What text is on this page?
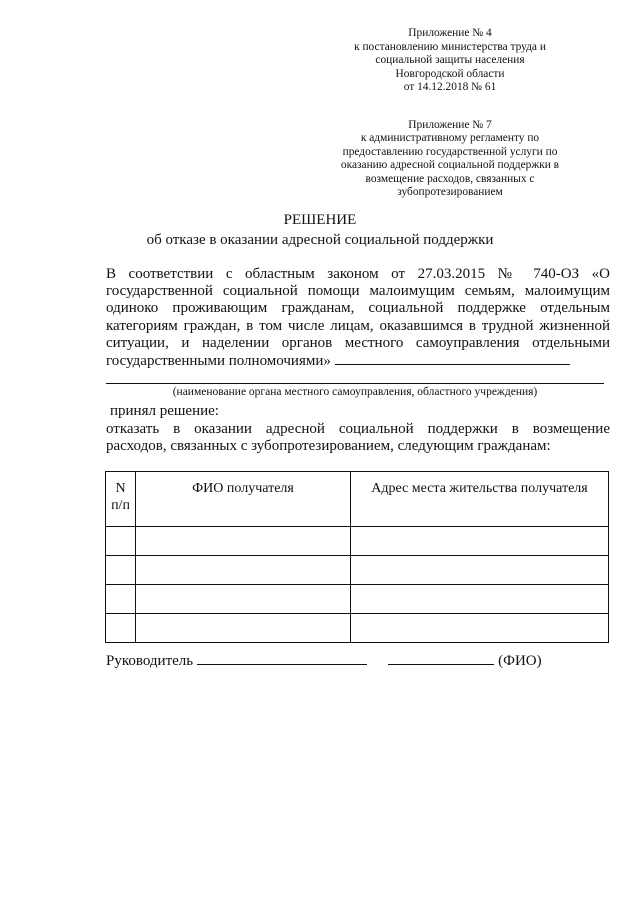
Приложение № 4
к постановлению министерства труда и
социальной защиты населения
Новгородской области
от 14.12.2018 № 61
Приложение № 7
к административному регламенту по
предоставлению государственной услуги по
оказанию адресной социальной поддержки в
возмещение расходов, связанных с
зубопротезированием
РЕШЕНИЕ
об отказе в оказании адресной социальной поддержки
В соответствии с областным законом от 27.03.2015 № 740-ОЗ «О
государственной социальной помощи малоимущим семьям, малоимущим
одиноко проживающим гражданам, социальной поддержке отдельным
категориям граждан, в том числе лицам, оказавшимся в трудной жизненной
ситуации, и наделении органов местного самоуправления отдельными
государственными полномочиями»
(наименование органа местного самоуправления, областного учреждения)
принял решение:
отказать в оказании адресной социальной поддержки в возмещение
расходов, связанных с зубопротезированием, следующим гражданам:
N
п/п	ФИО получателя	Адрес места жительства получателя

Руководитель	(ФИО)
